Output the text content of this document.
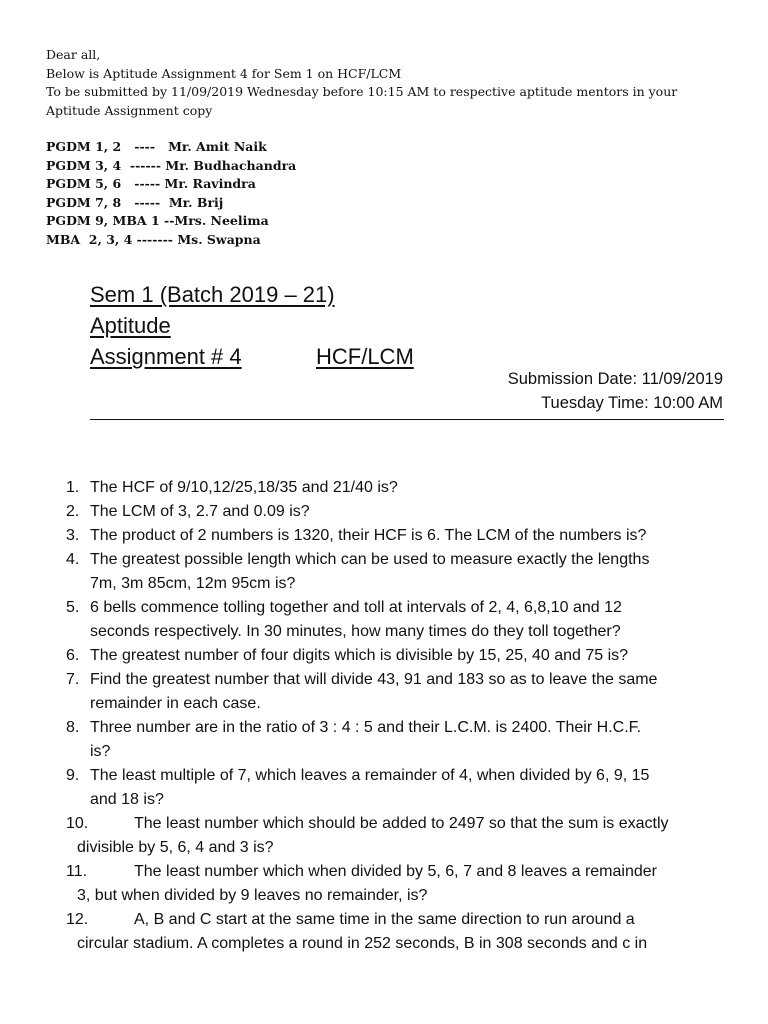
Dear all,

Below is Aptitude Assignment 4 for Sem 1 on HCF/LCM

To be submitted by 11/09/2019 Wednesday before 10:15 AM to respective aptitude mentors in your

Aptitude Assignment copy

PGDM 1, 2   ----   Mr. Amit Naik
PGDM 3, 4  ------ Mr. Budhachandra
PGDM 5, 6   ----- Mr. Ravindra
PGDM 7, 8   -----  Mr. Brij
PGDM 9, MBA 1 --Mrs. Neelima
MBA  2, 3, 4 ------- Ms. Swapna
Sem 1 (Batch 2019 – 21)
Aptitude
Assignment # 4	HCF/LCM
Submission Date: 11/09/2019
Tuesday Time: 10:00 AM
1. The HCF of 9/10,12/25,18/35 and 21/40 is?
2. The LCM of 3, 2.7 and 0.09 is?
3. The product of 2 numbers is 1320, their HCF is 6. The LCM of the numbers is?
4. The greatest possible length which can be used to measure exactly the lengths
7m, 3m 85cm, 12m 95cm is?
5. 6 bells commence tolling together and toll at intervals of 2, 4, 6,8,10 and 12
seconds respectively. In 30 minutes, how many times do they toll together?
6. The greatest number of four digits which is divisible by 15, 25, 40 and 75 is?
7. Find the greatest number that will divide 43, 91 and 183 so as to leave the same
remainder in each case.
8. Three number are in the ratio of 3 : 4 : 5 and their L.C.M. is 2400. Their H.C.F.
is?
9. The least multiple of 7, which leaves a remainder of 4, when divided by 6, 9, 15
and 18 is?
10.	The least number which should be added to 2497 so that the sum is exactly
divisible by 5, 6, 4 and 3 is?
11.	The least number which when divided by 5, 6, 7 and 8 leaves a remainder
3, but when divided by 9 leaves no remainder, is?
12.	A, B and C start at the same time in the same direction to run around a
circular stadium. A completes a round in 252 seconds, B in 308 seconds and c in
